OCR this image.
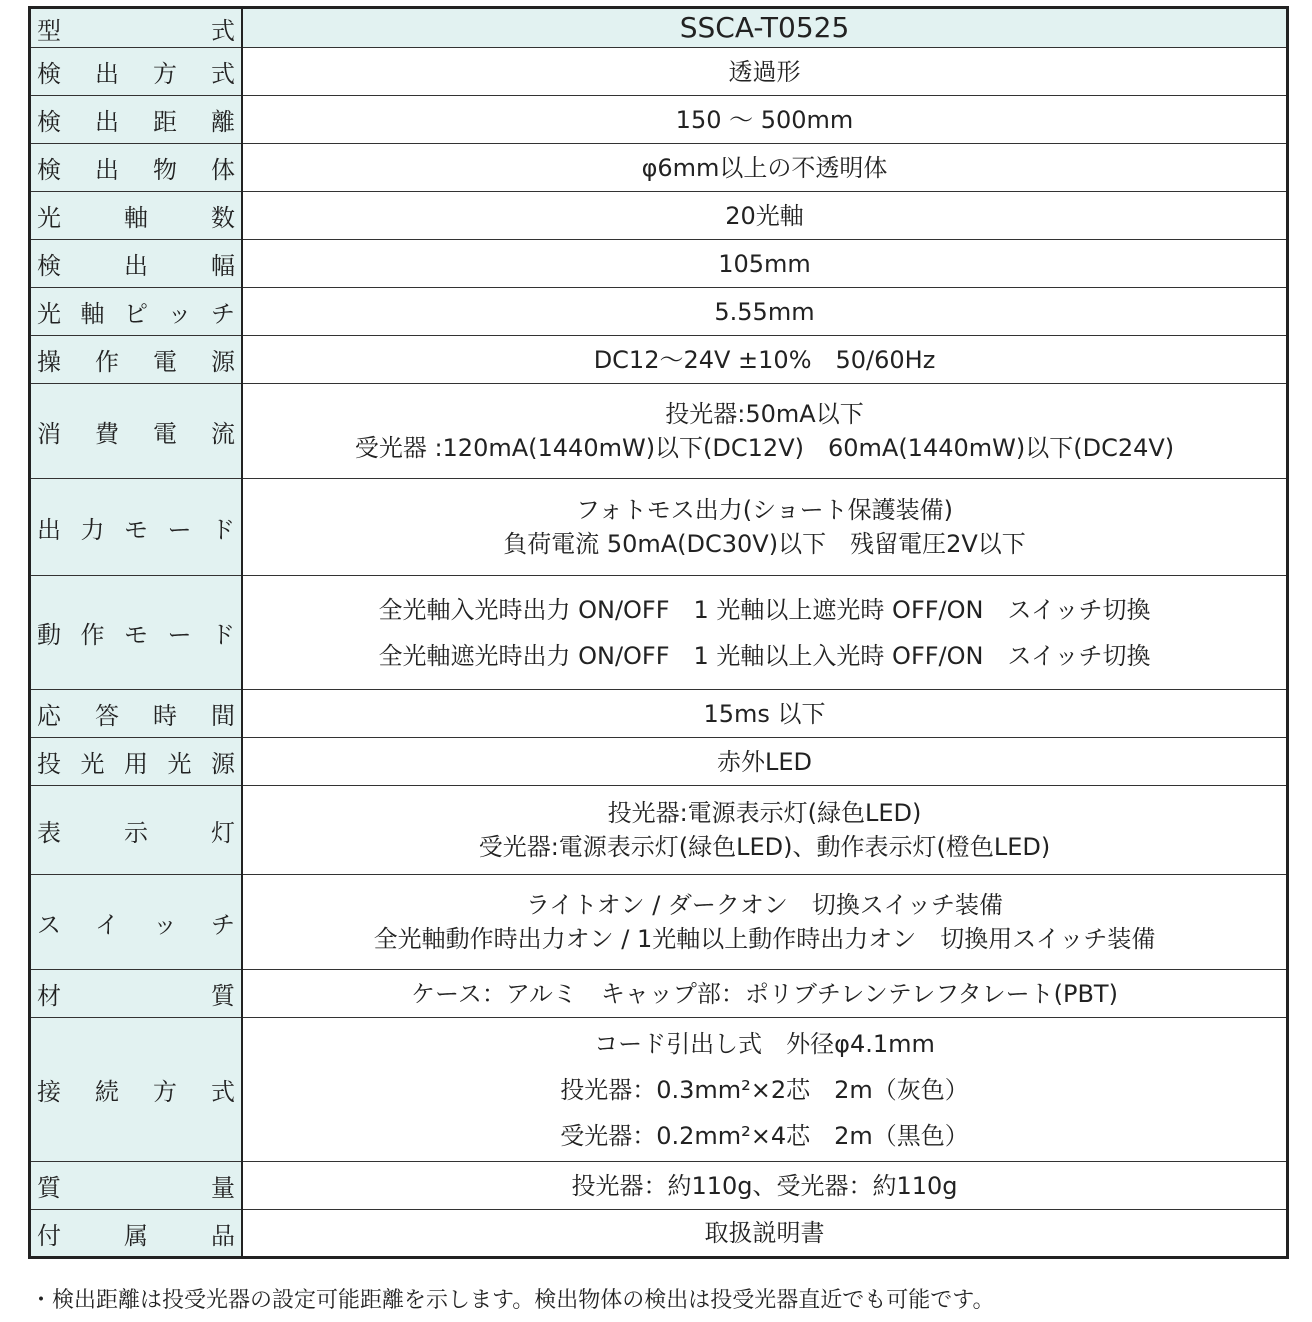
型 式	SSCA-T0525

検 出 方 式	透過形

検 出 距 離	150 ～ 500mm

検 出 物 体	φ6mm以上の不透明体

光 軸 数	20光軸

検 出 幅	105mm

光 軸 ピ ッ チ	5.55mm

操 作 電 源	DC12～24V ±10%　50/60Hz

消 費 電 流	投光器:50mA以下
受光器 :120mA(1440mW)以下(DC12V)　60mA(1440mW)以下(DC24V)

出 力 モ ー ド	フォトモス出力(ショート保護装備)
負荷電流 50mA(DC30V)以下　残留電圧2V以下

動 作 モ ー ド	全光軸入光時出力 ON/OFF　1 光軸以上遮光時 OFF/ON　スイッチ切換
全光軸遮光時出力 ON/OFF　1 光軸以上入光時 OFF/ON　スイッチ切換

応 答 時 間	15ms 以下

投 光 用 光 源	赤外LED

表 示 灯	投光器:電源表示灯(緑色LED)
受光器:電源表示灯(緑色LED)、動作表示灯(橙色LED)

ス イ ッ チ	ライトオン / ダークオン　切換スイッチ装備
全光軸動作時出力オン / 1光軸以上動作時出力オン　切換用スイッチ装備

材 質	ケース：アルミ　キャップ部：ポリブチレンテレフタレート(PBT)

接 続 方 式	コード引出し式　外径φ4.1mm
投光器：0.3mm²×2芯　2m（灰色）
受光器：0.2mm²×4芯　2m（黒色）

質 量	投光器：約110g、受光器：約110g

付 属 品	取扱説明書
・検出距離は投受光器の設定可能距離を示します。検出物体の検出は投受光器直近でも可能です。
